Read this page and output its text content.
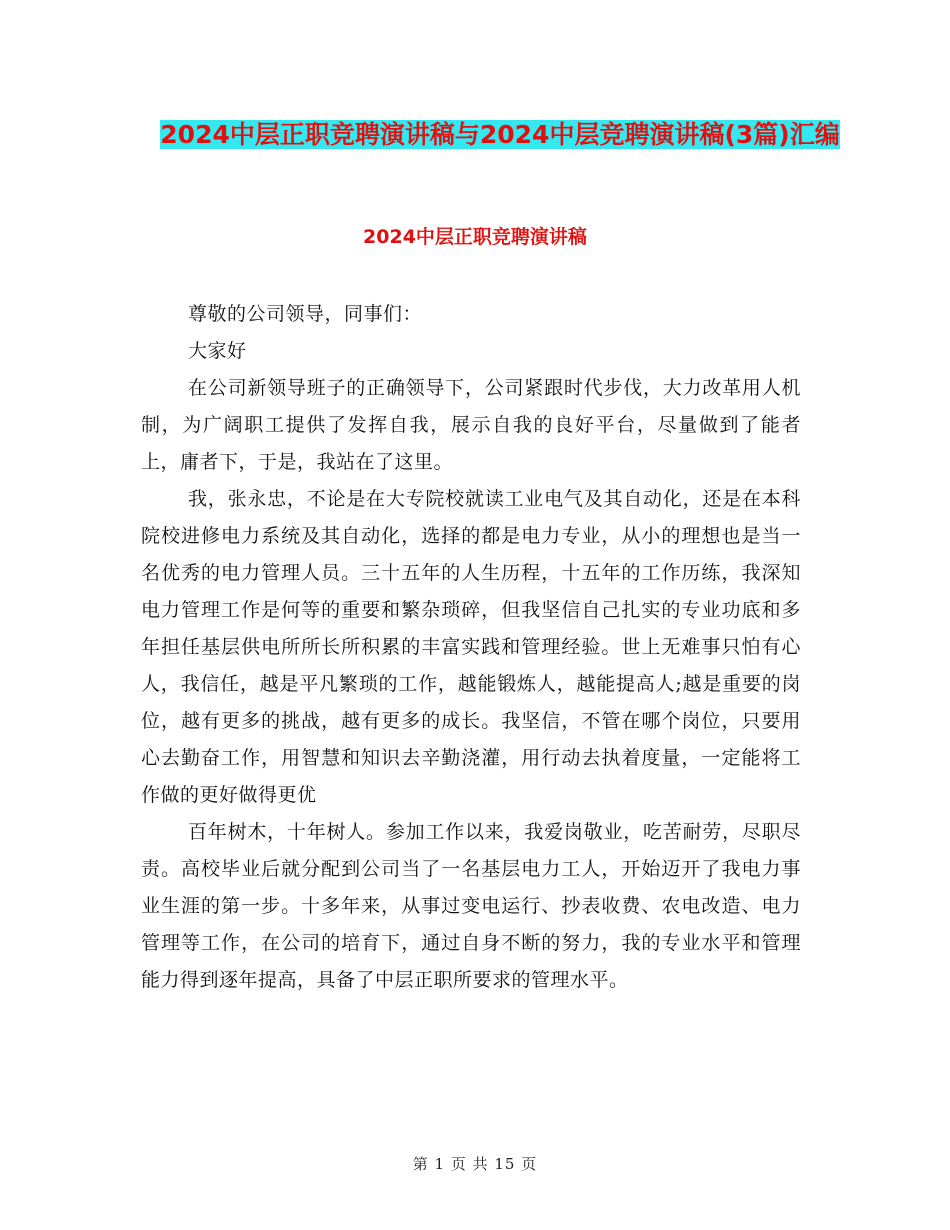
2024中层正职竞聘演讲稿与2024中层竞聘演讲稿(3篇)汇编
2024中层正职竞聘演讲稿

尊敬的公司领导，同事们：

大家好

在公司新领导班子的正确领导下，公司紧跟时代步伐，大力改革用人机制，为广阔职工提供了发挥自我，展示自我的良好平台，尽量做到了能者上，庸者下，于是，我站在了这里。

我，张永忠，不论是在大专院校就读工业电气及其自动化，还是在本科院校进修电力系统及其自动化，选择的都是电力专业，从小的理想也是当一名优秀的电力管理人员。三十五年的人生历程，十五年的工作历练，我深知电力管理工作是何等的重要和繁杂琐碎，但我坚信自己扎实的专业功底和多年担任基层供电所所长所积累的丰富实践和管理经验。世上无难事只怕有心人，我信任，越是平凡繁琐的工作，越能锻炼人，越能提高人;越是重要的岗位，越有更多的挑战，越有更多的成长。我坚信，不管在哪个岗位，只要用心去勤奋工作，用智慧和知识去辛勤浇灌，用行动去执着度量，一定能将工作做的更好做得更优

百年树木，十年树人。参加工作以来，我爱岗敬业，吃苦耐劳，尽职尽责。高校毕业后就分配到公司当了一名基层电力工人，开始迈开了我电力事业生涯的第一步。十多年来，从事过变电运行、抄表收费、农电改造、电力管理等工作，在公司的培育下，通过自身不断的努力，我的专业水平和管理能力得到逐年提高，具备了中层正职所要求的管理水平。

第 1 页 共 15 页
